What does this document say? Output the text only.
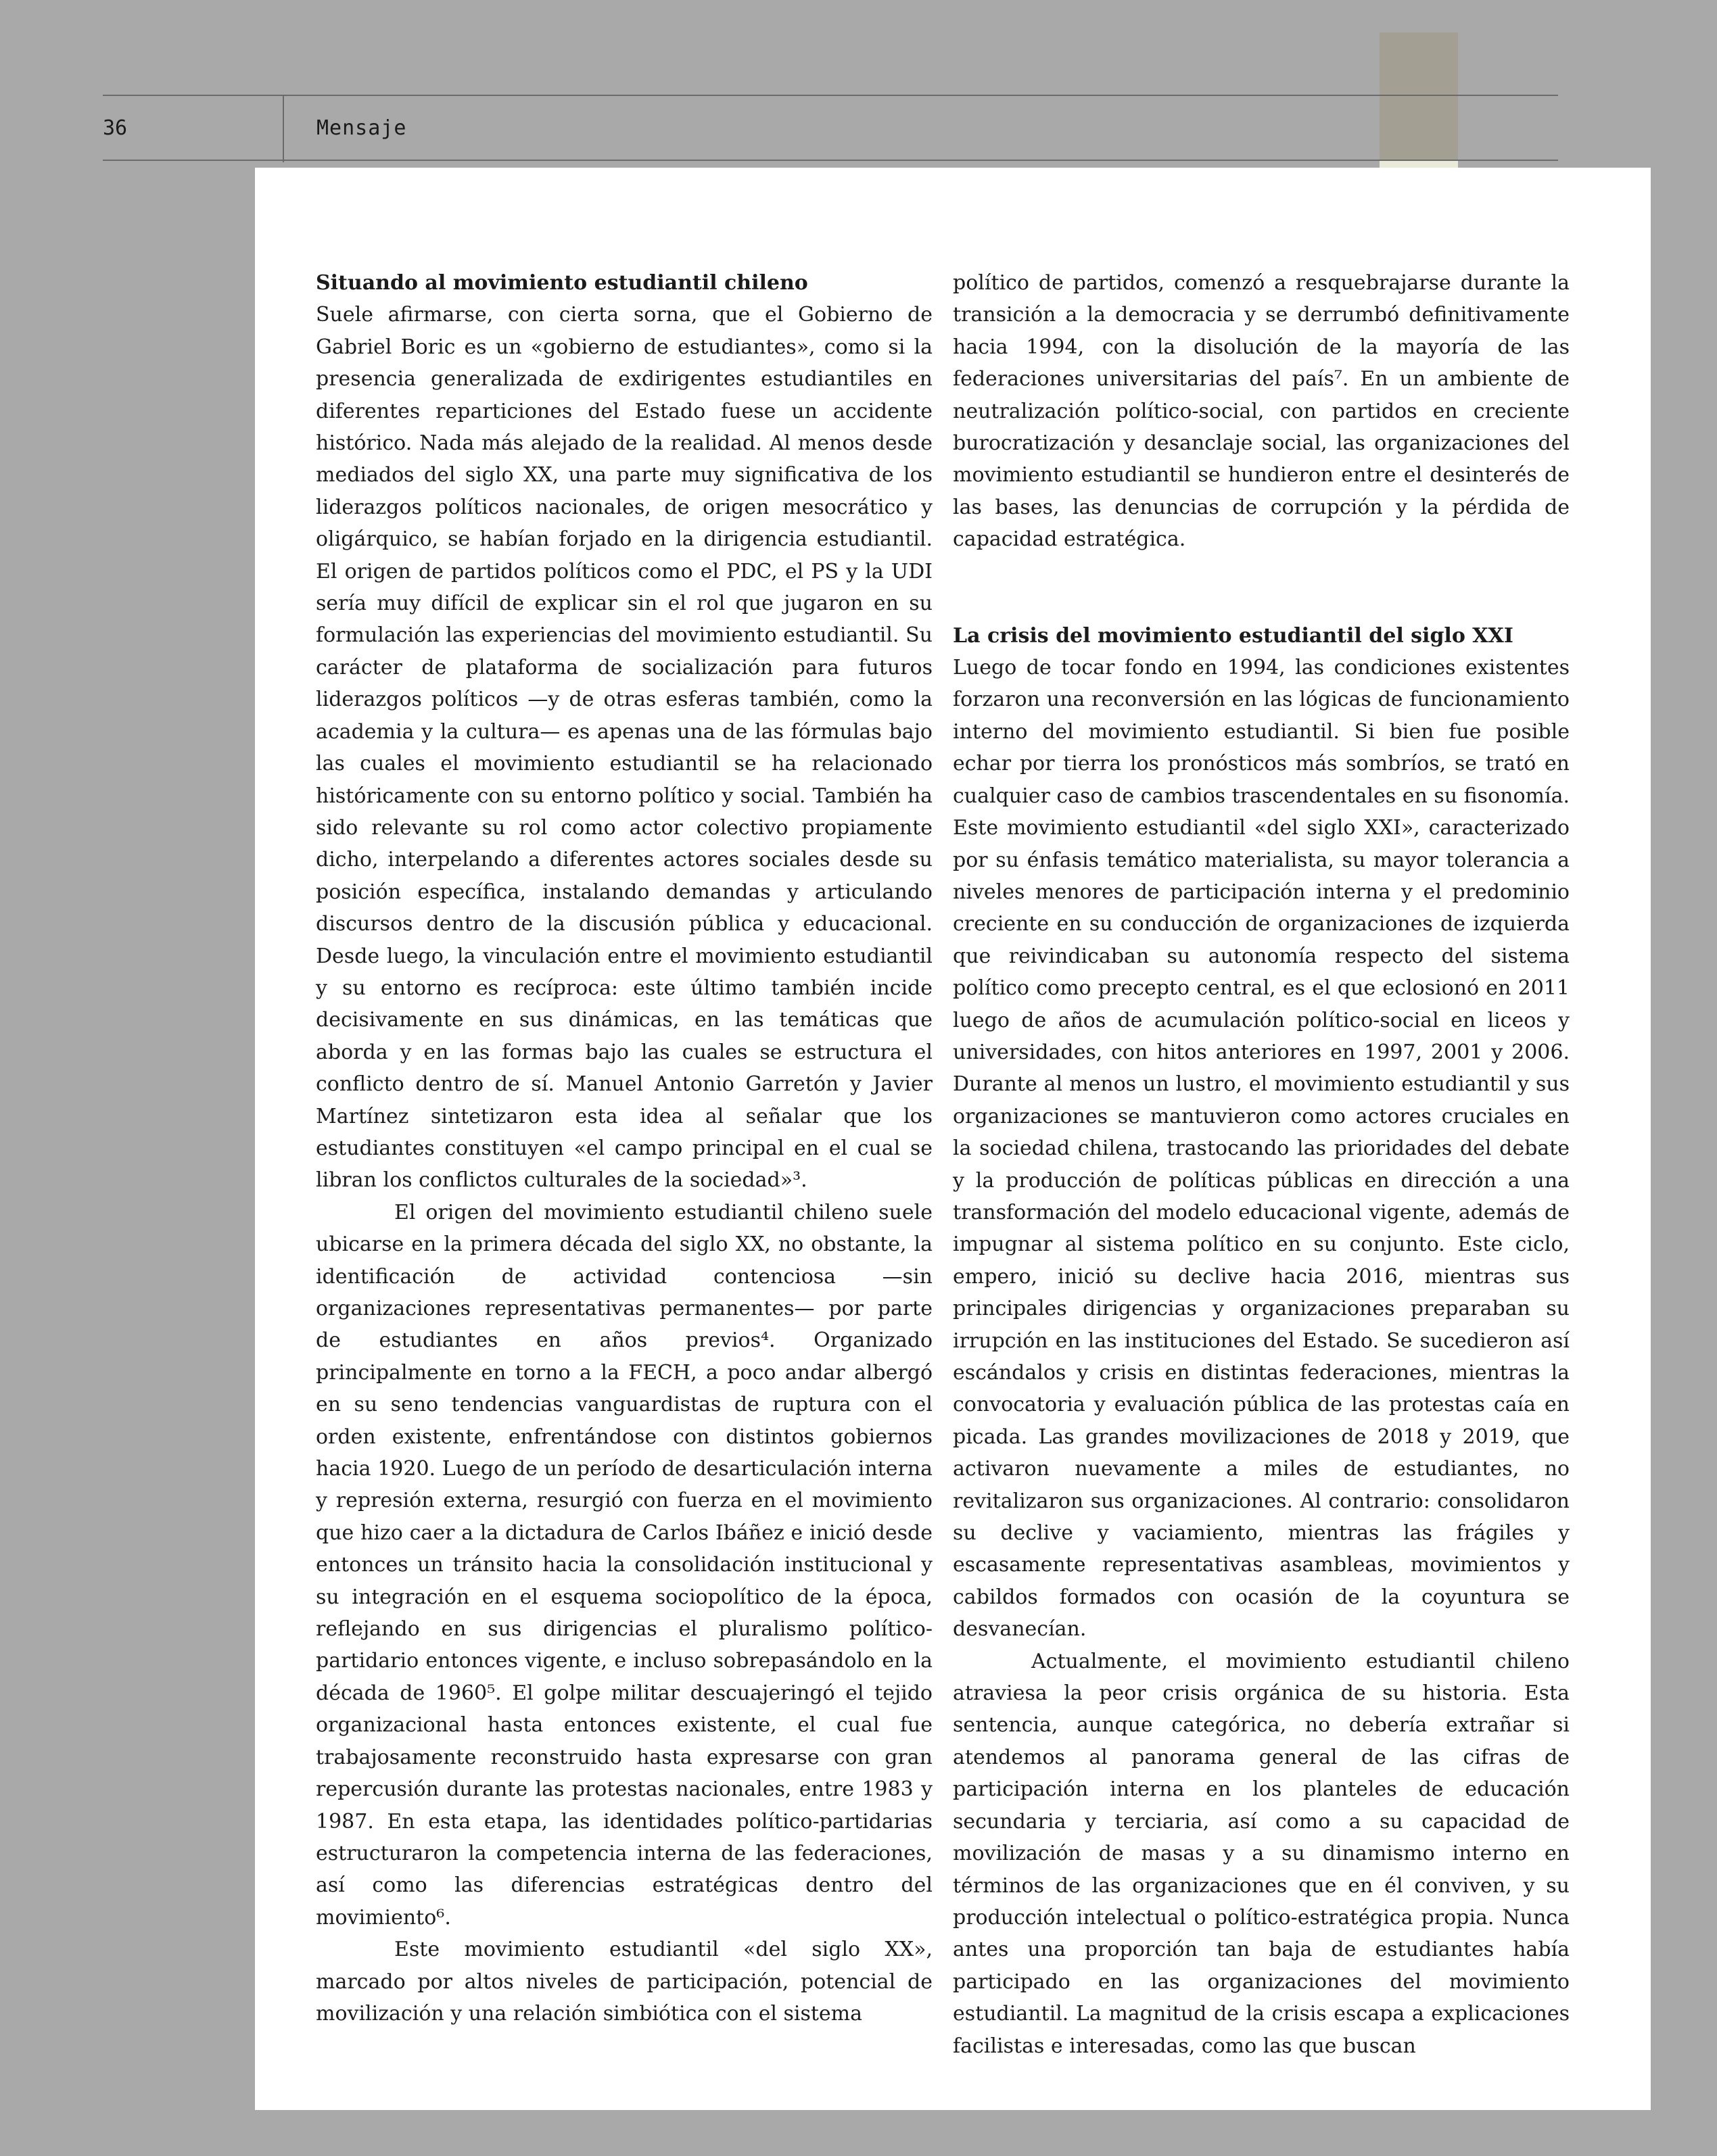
36	Mensaje
Situando al movimiento estudiantil chileno

Suele afirmarse, con cierta sorna, que el Gobierno de Gabriel Boric es un «gobierno de estudiantes», como si la presencia generalizada de exdirigentes estudiantiles en diferentes reparticiones del Estado fuese un accidente histórico. Nada más alejado de la realidad. Al menos desde mediados del siglo XX, una parte muy significativa de los liderazgos políticos nacionales, de origen mesocrático y oligárquico, se habían forjado en la dirigencia estudiantil. El origen de partidos políticos como el PDC, el PS y la UDI sería muy difícil de explicar sin el rol que jugaron en su formulación las experiencias del movimiento estudiantil. Su carácter de plataforma de socialización para futuros liderazgos políticos —y de otras esferas también, como la academia y la cultura— es apenas una de las fórmulas bajo las cuales el movimiento estudiantil se ha relacionado históricamente con su entorno político y social. También ha sido relevante su rol como actor colectivo propiamente dicho, interpelando a diferentes actores sociales desde su posición específica, instalando demandas y articulando discursos dentro de la discusión pública y educacional. Desde luego, la vinculación entre el movimiento estudiantil y su entorno es recíproca: este último también incide decisivamente en sus dinámicas, en las temáticas que aborda y en las formas bajo las cuales se estructura el conflicto dentro de sí. Manuel Antonio Garretón y Javier Martínez sintetizaron esta idea al señalar que los estudiantes constituyen «el campo principal en el cual se libran los conflictos culturales de la sociedad»³.

El origen del movimiento estudiantil chileno suele ubicarse en la primera década del siglo XX, no obstante, la identificación de actividad contenciosa —sin organizaciones representativas permanentes— por parte de estudiantes en años previos⁴. Organizado principalmente en torno a la FECH, a poco andar albergó en su seno tendencias vanguardistas de ruptura con el orden existente, enfrentándose con distintos gobiernos hacia 1920. Luego de un período de desarticulación interna y represión externa, resurgió con fuerza en el movimiento que hizo caer a la dictadura de Carlos Ibáñez e inició desde entonces un tránsito hacia la consolidación institucional y su integración en el esquema sociopolítico de la época, reflejando en sus dirigencias el pluralismo político-partidario entonces vigente, e incluso sobrepasándolo en la década de 1960⁵. El golpe militar descuajeringó el tejido organizacional hasta entonces existente, el cual fue trabajosamente reconstruido hasta expresarse con gran repercusión durante las protestas nacionales, entre 1983 y 1987. En esta etapa, las identidades político-partidarias estructuraron la competencia interna de las federaciones, así como las diferencias estratégicas dentro del movimiento⁶.

Este movimiento estudiantil «del siglo XX», marcado por altos niveles de participación, potencial de movilización y una relación simbiótica con el sistema

político de partidos, comenzó a resquebrajarse durante la transición a la democracia y se derrumbó definitivamente hacia 1994, con la disolución de la mayoría de las federaciones universitarias del país⁷. En un ambiente de neutralización político-social, con partidos en creciente burocratización y desanclaje social, las organizaciones del movimiento estudiantil se hundieron entre el desinterés de las bases, las denuncias de corrupción y la pérdida de capacidad estratégica.

La crisis del movimiento estudiantil del siglo XXI

Luego de tocar fondo en 1994, las condiciones existentes forzaron una reconversión en las lógicas de funcionamiento interno del movimiento estudiantil. Si bien fue posible echar por tierra los pronósticos más sombríos, se trató en cualquier caso de cambios trascendentales en su fisonomía. Este movimiento estudiantil «del siglo XXI», caracterizado por su énfasis temático materialista, su mayor tolerancia a niveles menores de participación interna y el predominio creciente en su conducción de organizaciones de izquierda que reivindicaban su autonomía respecto del sistema político como precepto central, es el que eclosionó en 2011 luego de años de acumulación político-social en liceos y universidades, con hitos anteriores en 1997, 2001 y 2006. Durante al menos un lustro, el movimiento estudiantil y sus organizaciones se mantuvieron como actores cruciales en la sociedad chilena, trastocando las prioridades del debate y la producción de políticas públicas en dirección a una transformación del modelo educacional vigente, además de impugnar al sistema político en su conjunto. Este ciclo, empero, inició su declive hacia 2016, mientras sus principales dirigencias y organizaciones preparaban su irrupción en las instituciones del Estado. Se sucedieron así escándalos y crisis en distintas federaciones, mientras la convocatoria y evaluación pública de las protestas caía en picada. Las grandes movilizaciones de 2018 y 2019, que activaron nuevamente a miles de estudiantes, no revitalizaron sus organizaciones. Al contrario: consolidaron su declive y vaciamiento, mientras las frágiles y escasamente representativas asambleas, movimientos y cabildos formados con ocasión de la coyuntura se desvanecían.

Actualmente, el movimiento estudiantil chileno atraviesa la peor crisis orgánica de su historia. Esta sentencia, aunque categórica, no debería extrañar si atendemos al panorama general de las cifras de participación interna en los planteles de educación secundaria y terciaria, así como a su capacidad de movilización de masas y a su dinamismo interno en términos de las organizaciones que en él conviven, y su producción intelectual o político-estratégica propia. Nunca antes una proporción tan baja de estudiantes había participado en las organizaciones del movimiento estudiantil. La magnitud de la crisis escapa a explicaciones facilistas e interesadas, como las que buscan
